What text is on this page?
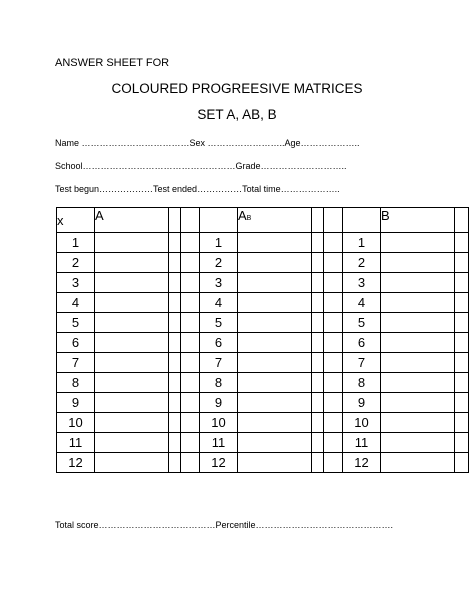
ANSWER SHEET FOR
COLOURED PROGREESIVE MATRICES
SET A, AB, B
Name ………………………………Sex ……………………..Age………………..
School……………………………………………Grade………………………..
Test begun………………Test ended……………Total time………………..
x	A				AB				B	
1				1				1		
2				2				2		
3				3				3		
4				4				4		
5				5				5		
6				6				6		
7				7				7		
8				8				8		
9				9				9		
10				10				10		
11				11				11		
12				12				12		
Total score…………………………………Percentile……………………………………….
